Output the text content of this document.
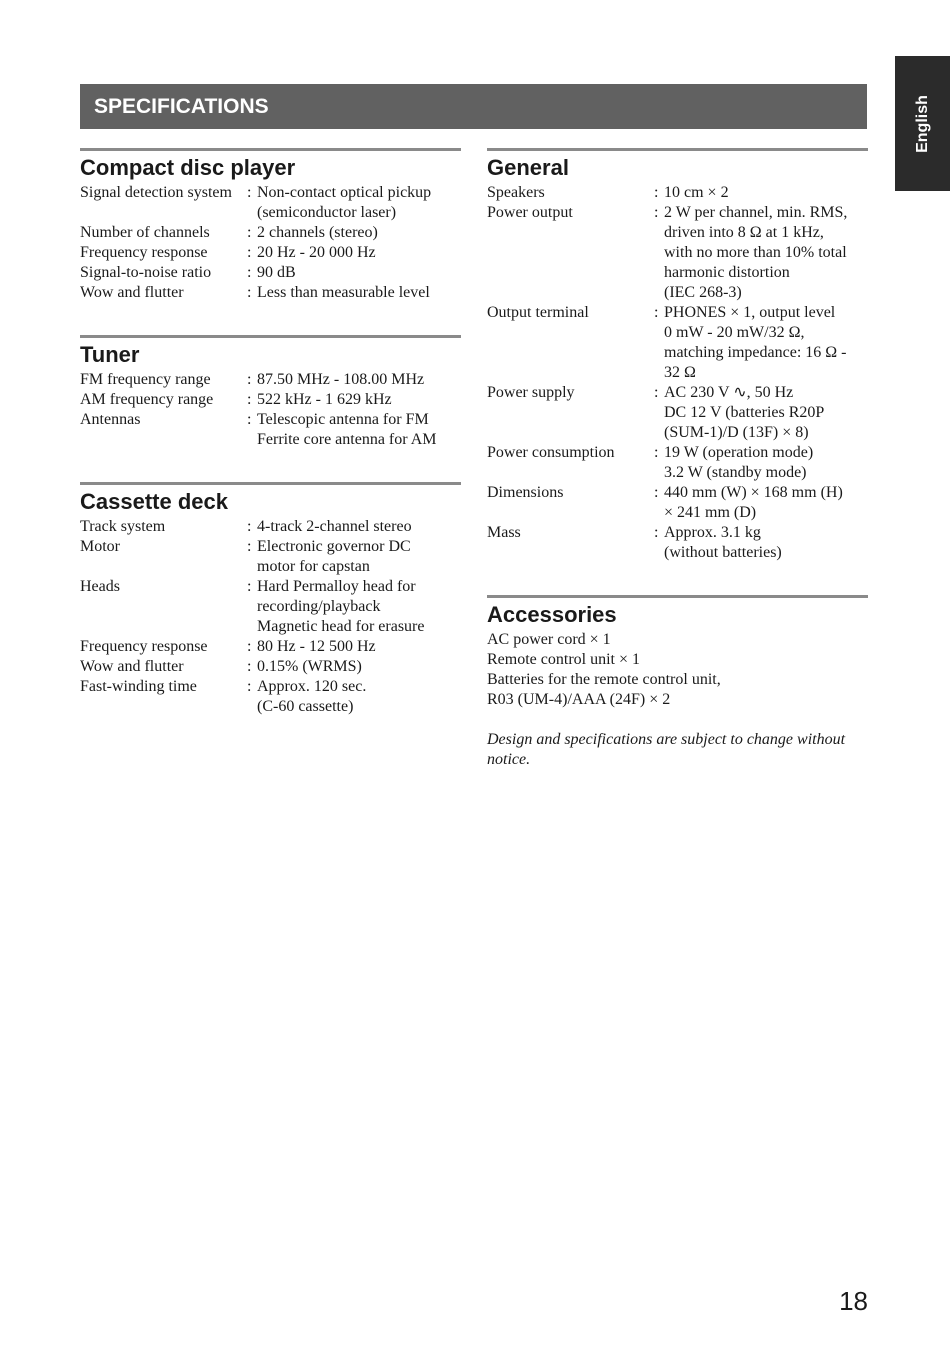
SPECIFICATIONS	English
Compact disc player
Signal detection system : Non-contact optical pickup
(semiconductor laser)
Number of channels	: 2 channels (stereo)
Frequency response	: 20 Hz - 20 000 Hz
Signal-to-noise ratio	: 90 dB
Wow and flutter	: Less than measurable level
Tuner
FM frequency range	: 87.50 MHz - 108.00 MHz
AM frequency range	: 522 kHz - 1 629 kHz
Antennas	: Telescopic antenna for FM
Ferrite core antenna for AM
Cassette deck
Track system	: 4-track 2-channel stereo
Motor	: Electronic governor DC
motor for capstan
Heads	: Hard Permalloy head for
recording/playback
Magnetic head for erasure
Frequency response	: 80 Hz - 12 500 Hz
Wow and flutter	: 0.15% (WRMS)
Fast-winding time	: Approx. 120 sec.
(C-60 cassette)
General
Speakers	: 10 cm × 2
Power output	: 2 W per channel, min. RMS,
driven into 8 Ω at 1 kHz,
with no more than 10% total
harmonic distortion
(IEC 268-3)
Output terminal	: PHONES × 1, output level
0 mW - 20 mW/32 Ω,
matching impedance: 16 Ω -
32 Ω
Power supply	: AC 230 V ∿, 50 Hz
DC 12 V (batteries R20P
(SUM-1)/D (13F) × 8)
Power consumption	: 19 W (operation mode)
3.2 W (standby mode)
Dimensions	: 440 mm (W) × 168 mm (H)
× 241 mm (D)
Mass	: Approx. 3.1 kg
(without batteries)
Accessories
AC power cord × 1
Remote control unit × 1
Batteries for the remote control unit,
R03 (UM-4)/AAA (24F) × 2
Design and specifications are subject to change without
notice.
18
